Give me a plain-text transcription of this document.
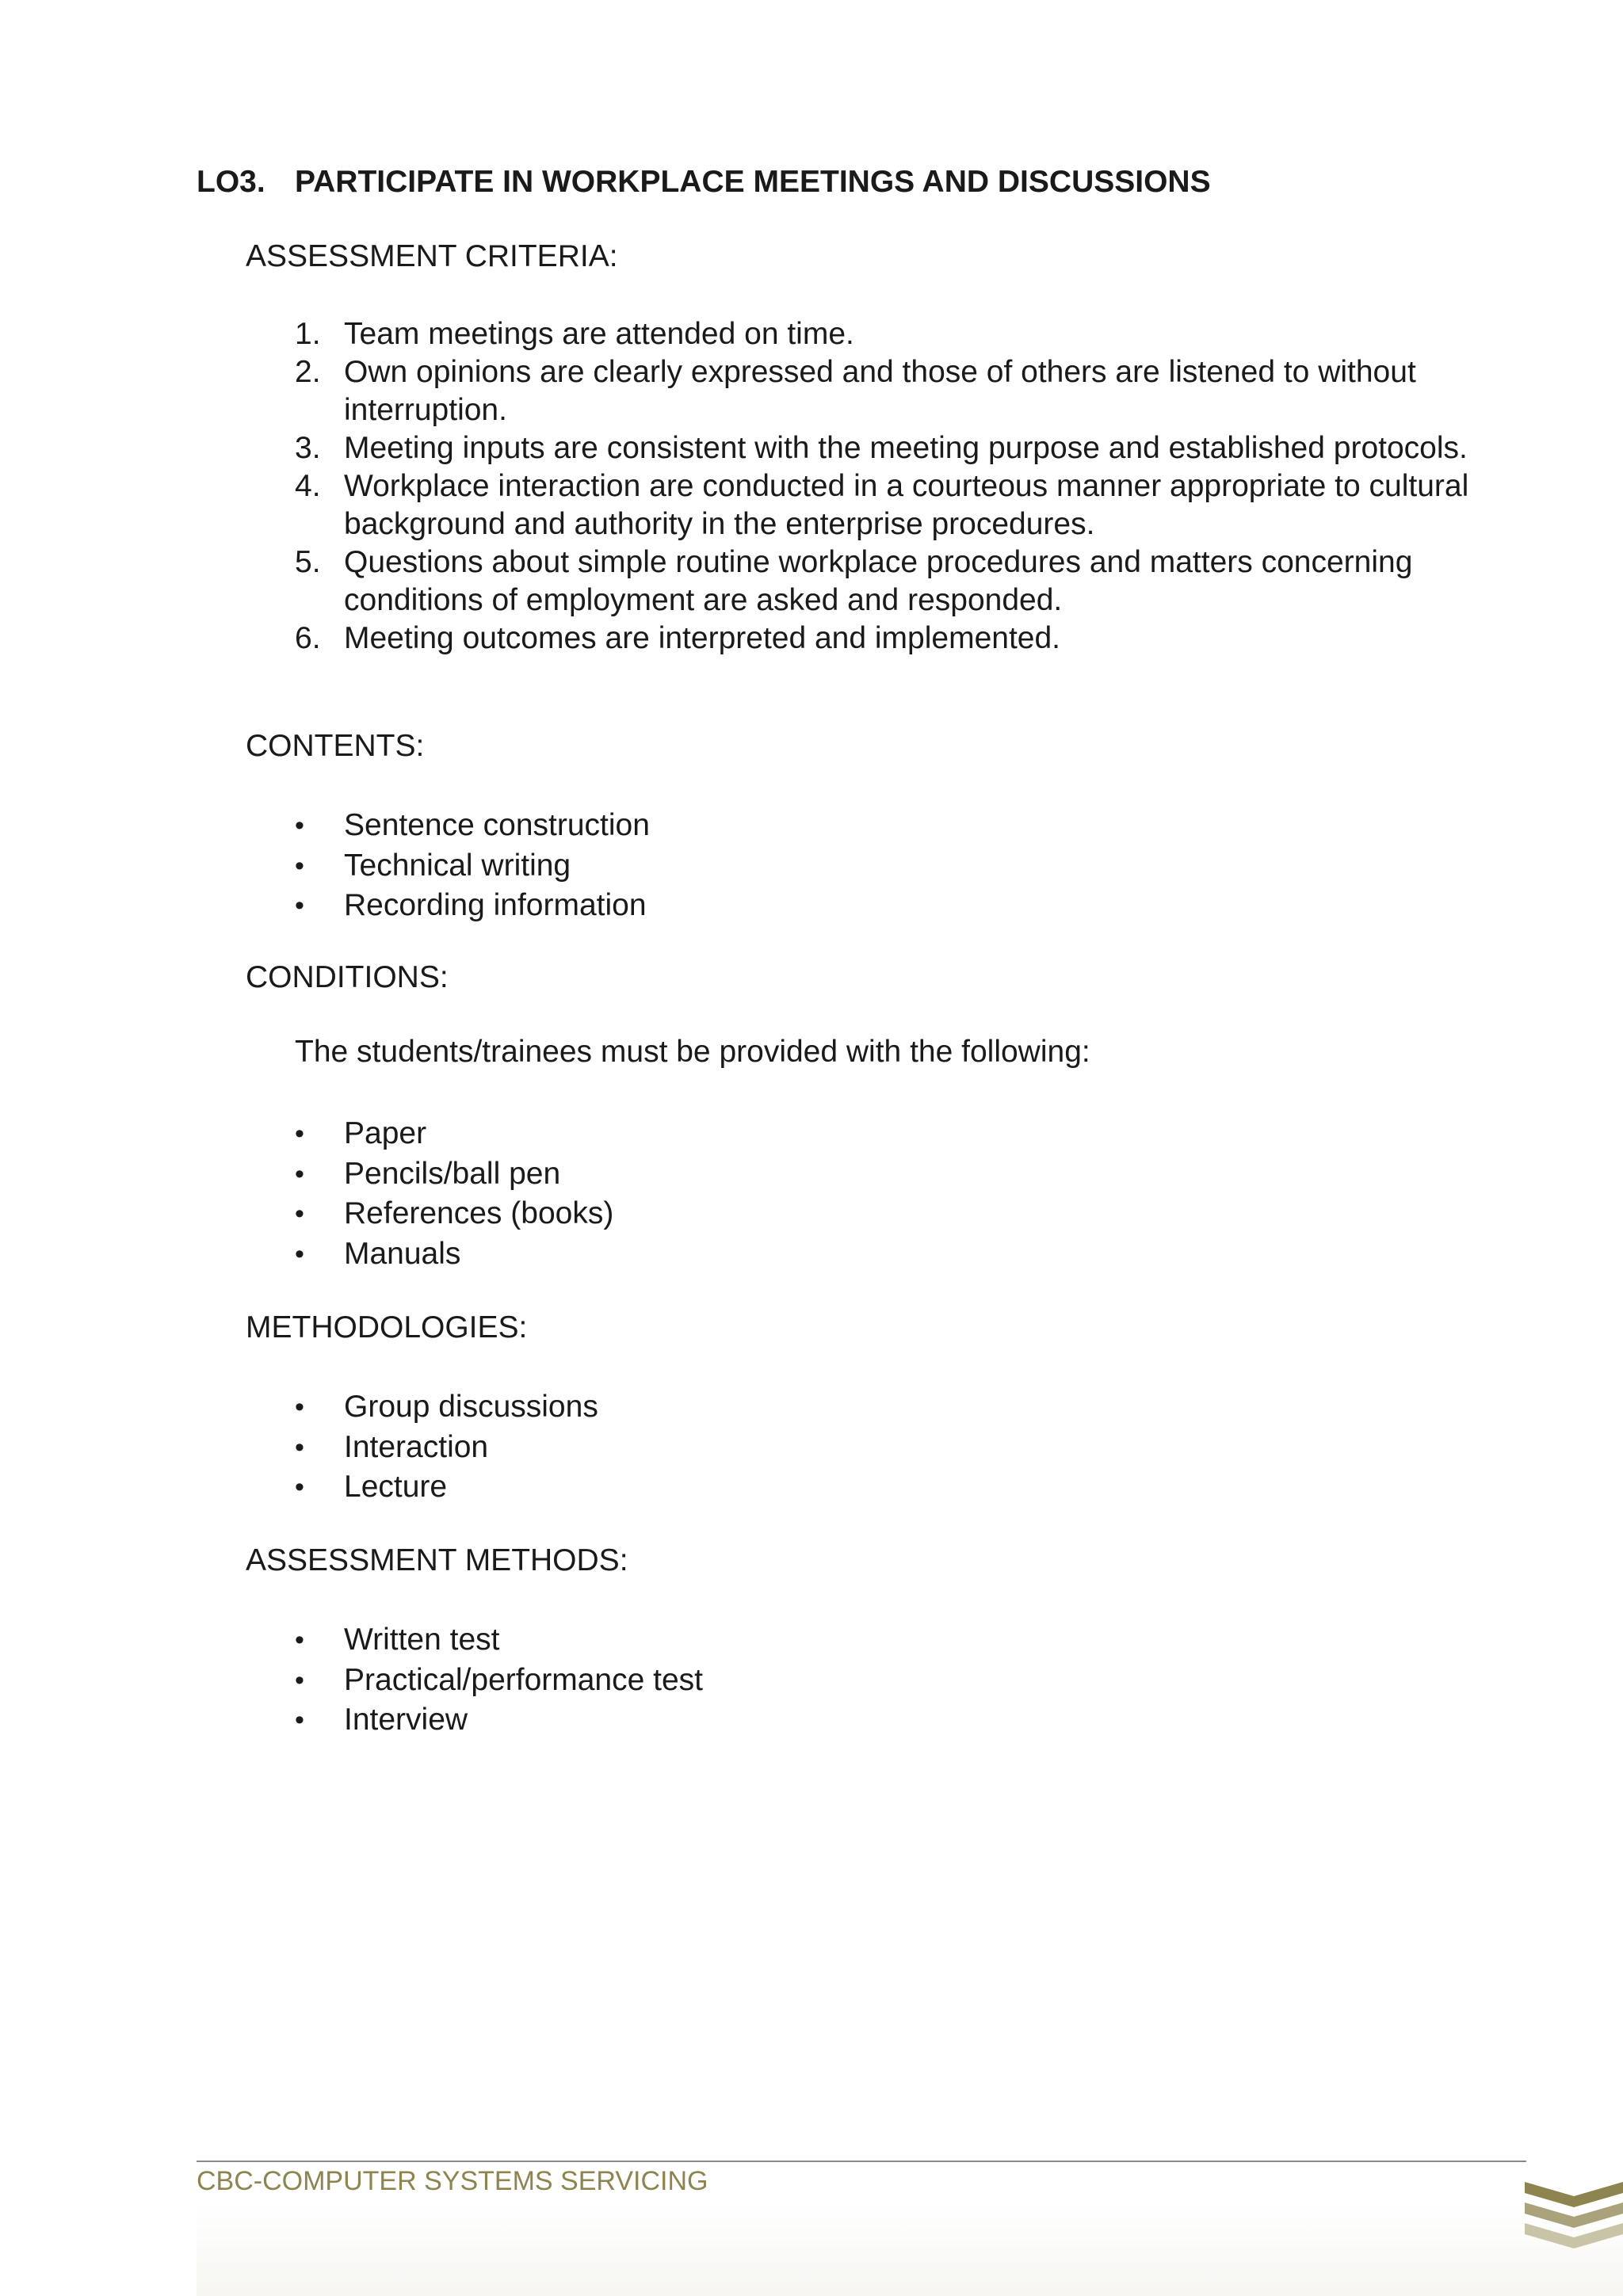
LO3. PARTICIPATE IN WORKPLACE MEETINGS AND DISCUSSIONS
ASSESSMENT CRITERIA:
1. Team meetings are attended on time.
2. Own opinions are clearly expressed and those of others are listened to without interruption.
3. Meeting inputs are consistent with the meeting purpose and established protocols.
4. Workplace interaction are conducted in a courteous manner appropriate to cultural background and authority in the enterprise procedures.
5. Questions about simple routine workplace procedures and matters concerning conditions of employment are asked and responded.
6. Meeting outcomes are interpreted and implemented.
CONTENTS:
•	Sentence construction
•	Technical writing
•	Recording information
CONDITIONS:
The students/trainees must be provided with the following:
•	Paper
•	Pencils/ball pen
•	References (books)
•	Manuals
METHODOLOGIES:
•	Group discussions
•	Interaction
•	Lecture
ASSESSMENT METHODS:
•	Written test
•	Practical/performance test
•	Interview
CBC-COMPUTER SYSTEMS SERVICING
